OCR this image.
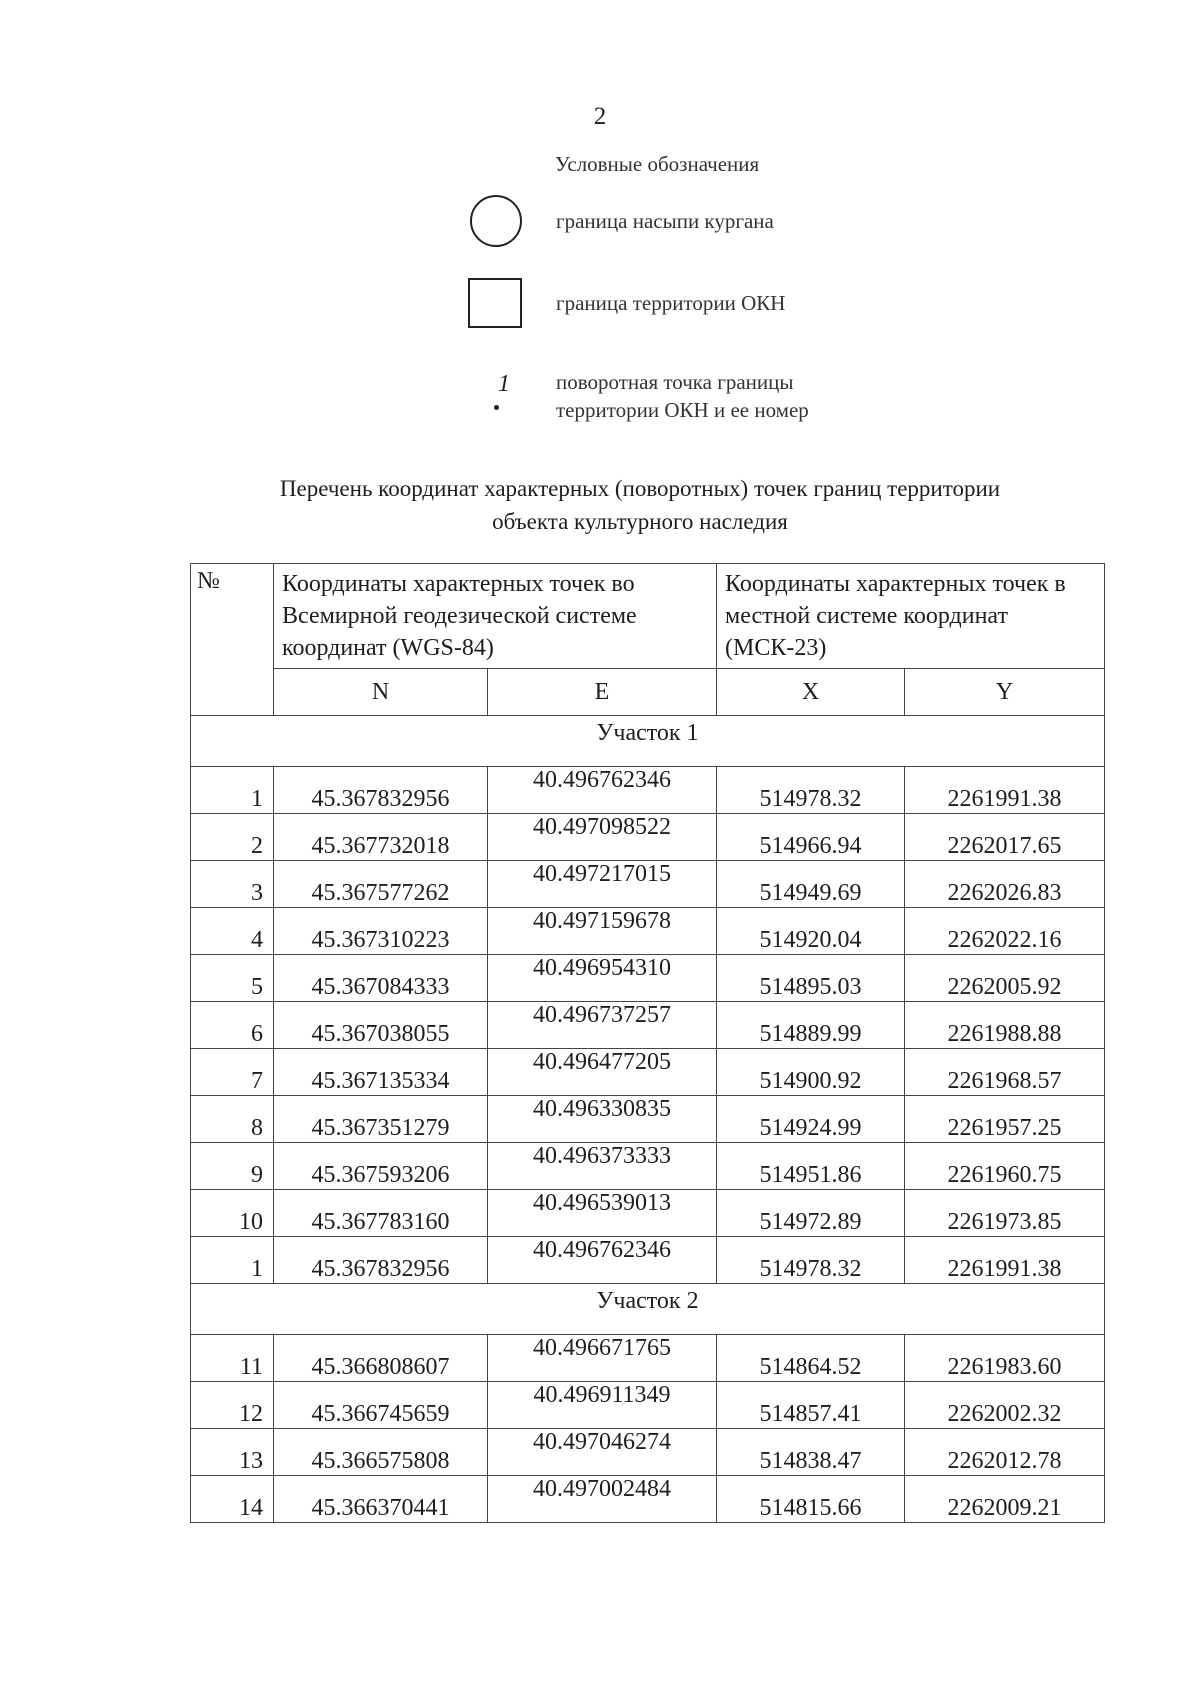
2
Условные обозначения
граница насыпи кургана
граница территории ОКН
1 поворотная точка границы
территории ОКН и ее номер
Перечень координат характерных (поворотных) точек границ территории
объекта культурного наследия
№	Координаты характерных точек во Всемирной геодезической системе координат (WGS-84)		Координаты характерных точек в местной системе координат (МСК-23)	
	N	E	X	Y
Участок 1				
1	45.367832956	40.496762346	514978.32	2261991.38
2	45.367732018	40.497098522	514966.94	2262017.65
3	45.367577262	40.497217015	514949.69	2262026.83
4	45.367310223	40.497159678	514920.04	2262022.16
5	45.367084333	40.496954310	514895.03	2262005.92
6	45.367038055	40.496737257	514889.99	2261988.88
7	45.367135334	40.496477205	514900.92	2261968.57
8	45.367351279	40.496330835	514924.99	2261957.25
9	45.367593206	40.496373333	514951.86	2261960.75
10	45.367783160	40.496539013	514972.89	2261973.85
1	45.367832956	40.496762346	514978.32	2261991.38
Участок 2				
11	45.366808607	40.496671765	514864.52	2261983.60
12	45.366745659	40.496911349	514857.41	2262002.32
13	45.366575808	40.497046274	514838.47	2262012.78
14	45.366370441	40.497002484	514815.66	2262009.21
